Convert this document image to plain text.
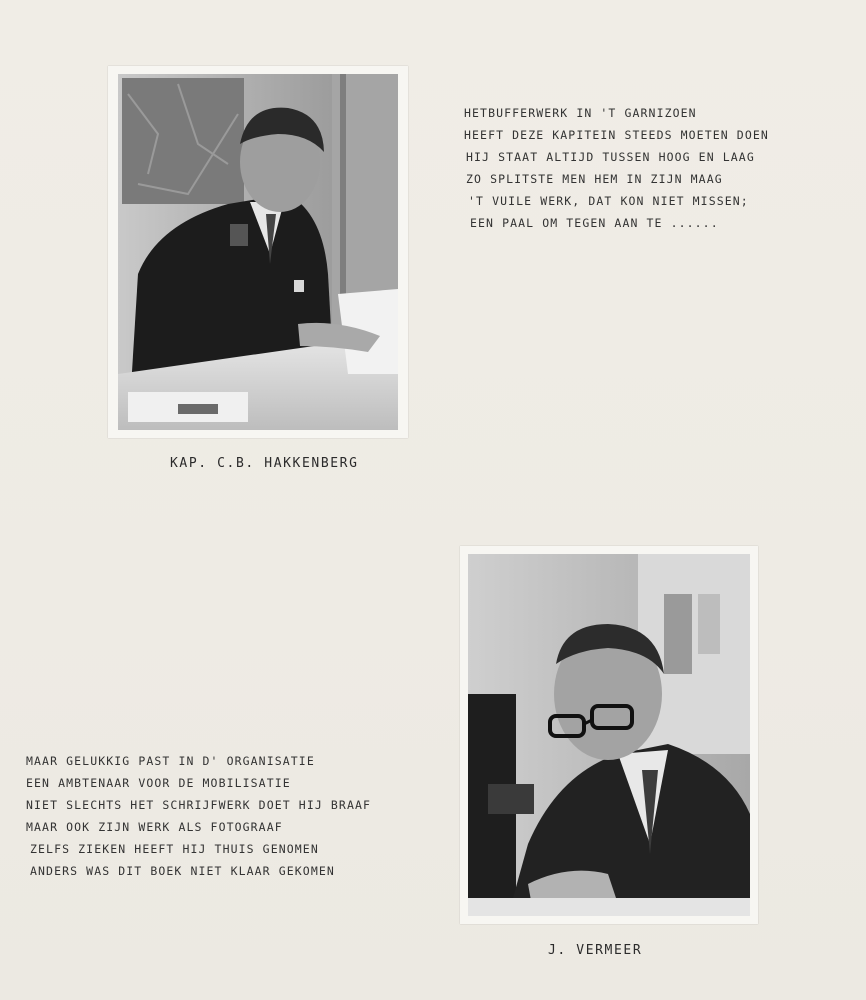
KAP. C.B. HAKKENBERG
HETBUFFERWERK IN 'T GARNIZOEN
HEEFT DEZE KAPITEIN STEEDS MOETEN DOEN
HIJ STAAT ALTIJD TUSSEN HOOG EN LAAG
ZO SPLITSTE MEN HEM IN ZIJN MAAG
'T VUILE WERK, DAT KON NIET MISSEN;
EEN PAAL OM TEGEN AAN TE ......
J. VERMEER
MAAR GELUKKIG PAST IN D' ORGANISATIE
EEN AMBTENAAR VOOR DE MOBILISATIE
NIET SLECHTS HET SCHRIJFWERK DOET HIJ BRAAF
MAAR OOK ZIJN WERK ALS FOTOGRAAF
ZELFS ZIEKEN HEEFT HIJ THUIS GENOMEN
ANDERS WAS DIT BOEK NIET KLAAR GEKOMEN
